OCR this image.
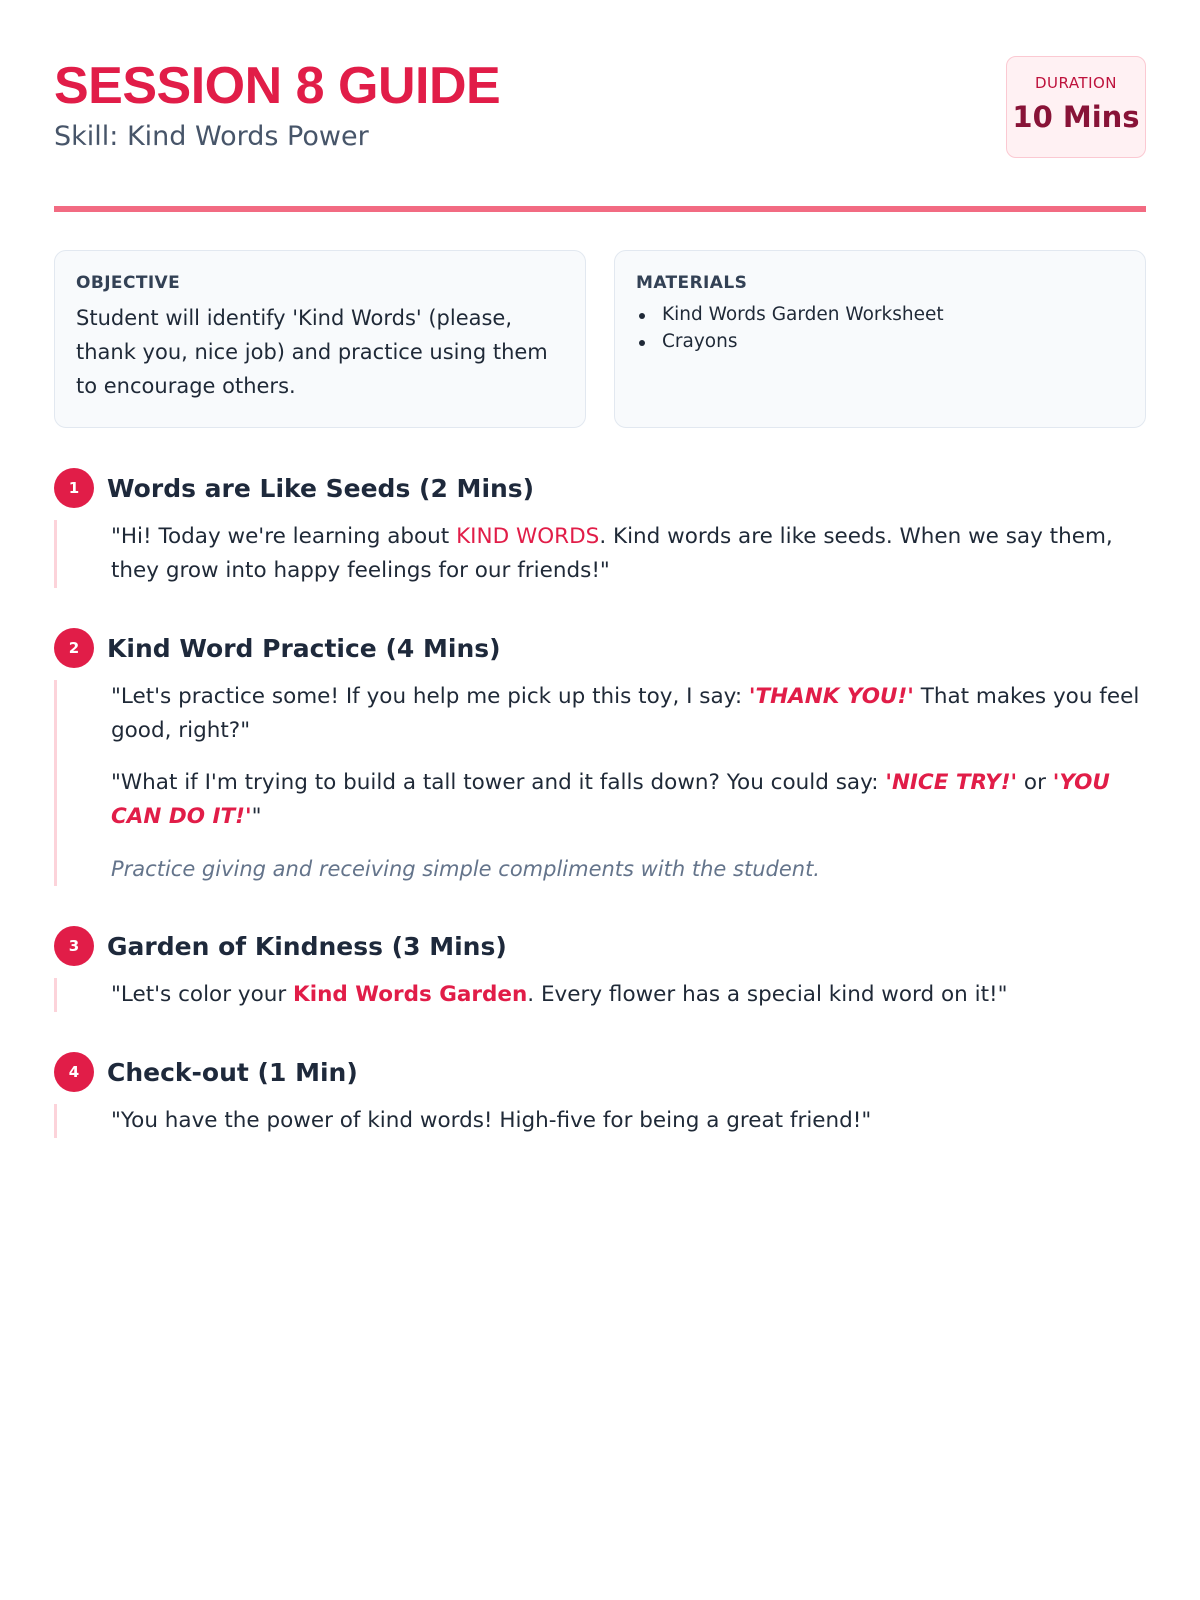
SESSION 8 GUIDE
Skill: Kind Words Power
DURATION
10 Mins
OBJECTIVE
Student will identify 'Kind Words' (please, thank you, nice job) and practice using them to encourage others.
MATERIALS
Kind Words Garden Worksheet
Crayons
1	Words are Like Seeds (2 Mins)

"Hi! Today we're learning about KIND WORDS. Kind words are like seeds. When we say them, they grow into happy feelings for our friends!"

2	Kind Word Practice (4 Mins)

"Let's practice some! If you help me pick up this toy, I say: 'THANK YOU!' That makes you feel good, right?"

"What if I'm trying to build a tall tower and it falls down? You could say: 'NICE TRY!' or 'YOU CAN DO IT!'"

Practice giving and receiving simple compliments with the student.

3	Garden of Kindness (3 Mins)

"Let's color your Kind Words Garden. Every flower has a special kind word on it!"

4	Check-out (1 Min)

"You have the power of kind words! High-five for being a great friend!"
